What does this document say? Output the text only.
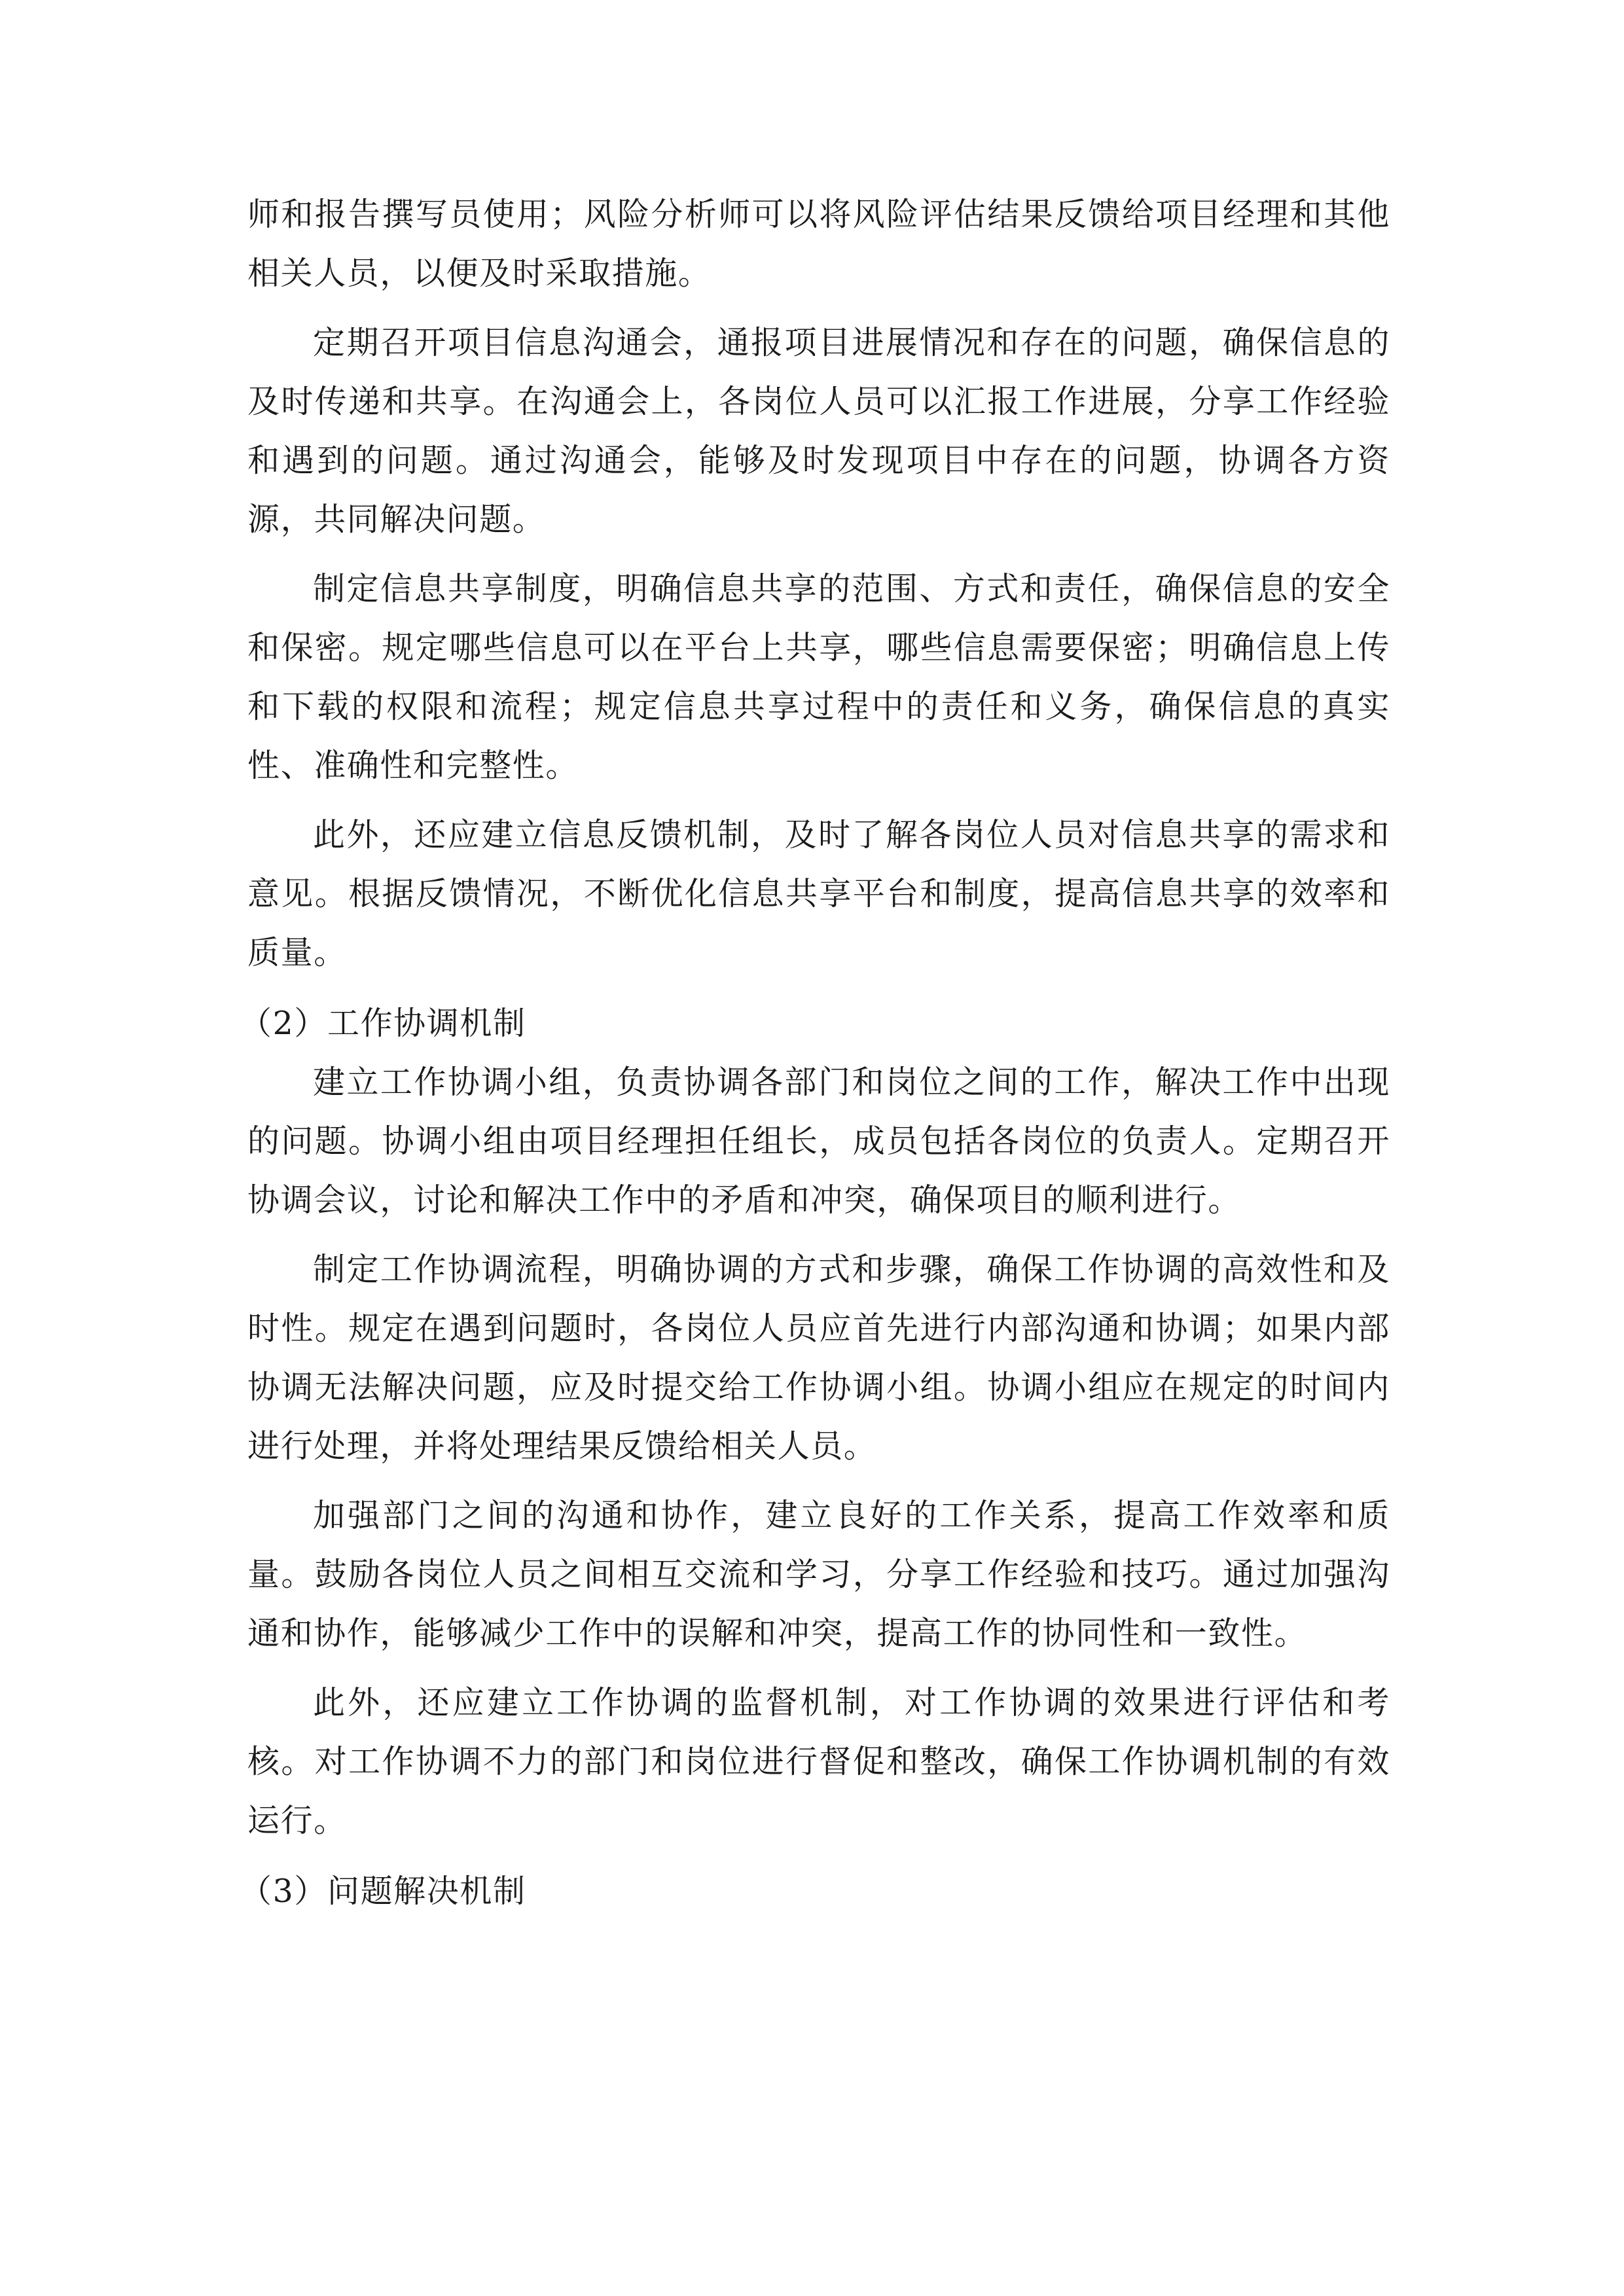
师和报告撰写员使用；风险分析师可以将风险评估结果反馈给项目经理和其他相关人员，以便及时采取措施。

定期召开项目信息沟通会，通报项目进展情况和存在的问题，确保信息的及时传递和共享。在沟通会上，各岗位人员可以汇报工作进展，分享工作经验和遇到的问题。通过沟通会，能够及时发现项目中存在的问题，协调各方资源，共同解决问题。

制定信息共享制度，明确信息共享的范围、方式和责任，确保信息的安全和保密。规定哪些信息可以在平台上共享，哪些信息需要保密；明确信息上传和下载的权限和流程；规定信息共享过程中的责任和义务，确保信息的真实性、准确性和完整性。

此外，还应建立信息反馈机制，及时了解各岗位人员对信息共享的需求和意见。根据反馈情况，不断优化信息共享平台和制度，提高信息共享的效率和质量。

（2）工作协调机制

建立工作协调小组，负责协调各部门和岗位之间的工作，解决工作中出现的问题。协调小组由项目经理担任组长，成员包括各岗位的负责人。定期召开协调会议，讨论和解决工作中的矛盾和冲突，确保项目的顺利进行。

制定工作协调流程，明确协调的方式和步骤，确保工作协调的高效性和及时性。规定在遇到问题时，各岗位人员应首先进行内部沟通和协调；如果内部协调无法解决问题，应及时提交给工作协调小组。协调小组应在规定的时间内进行处理，并将处理结果反馈给相关人员。

加强部门之间的沟通和协作，建立良好的工作关系，提高工作效率和质量。鼓励各岗位人员之间相互交流和学习，分享工作经验和技巧。通过加强沟通和协作，能够减少工作中的误解和冲突，提高工作的协同性和一致性。

此外，还应建立工作协调的监督机制，对工作协调的效果进行评估和考核。对工作协调不力的部门和岗位进行督促和整改，确保工作协调机制的有效运行。

（3）问题解决机制
